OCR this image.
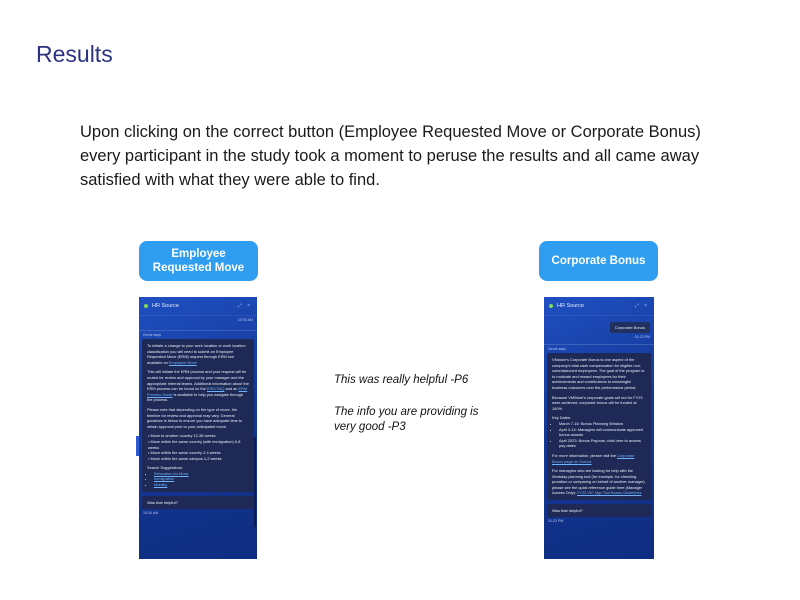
Results

Upon clicking on the correct button (Employee Requested Move or Corporate Bonus) every participant in the study took a moment to peruse the results and all came away satisfied with what they were able to find.

Employee Requested Move
Corporate Bonus
This was really helpful -P6
The info you are providing is very good -P3
HR Source	⤢ ×
10:30 AM
Genie says

To initiate a change to your work location or work location classification you will need to submit an Employee Requested Move (ERM) request through ERM tool available on Employee Move

This will initiate the ERM process and your request will be routed for review and approval by your manager and the appropriate internal teams. Additional information about the ERM process can be found on the ERM FAQ and an ERM Process Guide is available to help you navigate through the process.

Please note that depending on the type of move, the timeline for review and approval may vary. General guidance is below to ensure you have adequate time to obtain approval prior to your anticipated move.

• Move to another country 12-36 weeks
• Move within the same country (with immigration) 6-8 weeks
• Move within the same country 2-4 weeks
• Move within the same campus 1-2 weeks

Search Suggestions:

• Relocation for Move
• Immigration
• Mobility
Was that helpful?
10:30 AM
HR Source	⤢ ×
Corporate Bonus
01:23 PM
Genie says

VMware's Corporate Bonus is one aspect of the company's total cash compensation for eligible non-commissioned employees. The goal of the program is to motivate and reward employees for their achievements and contributions to meaningful business outcomes over the performance period.

Because VMWare's corporate goals set out for FY23 were achieved, corporate bonus will be funded at 100%.

Key Dates:

• March 7-16: Bonus Planning Window
• April 3-14: Managers will communicate approved bonus awards
• April 2023: Bonus Payouts; click here to access pay dates

For more information, please visit the Corporate Bonus page on Source

For managers who are looking for help with the Workday planning tool (for example, for checking proration or comparing on behalf of another manager), please see the quick reference guide here (Manager Access Only): FY23 VIC Mgr Tool Bonus Guidelines

Was that helpful?
01:23 PM
